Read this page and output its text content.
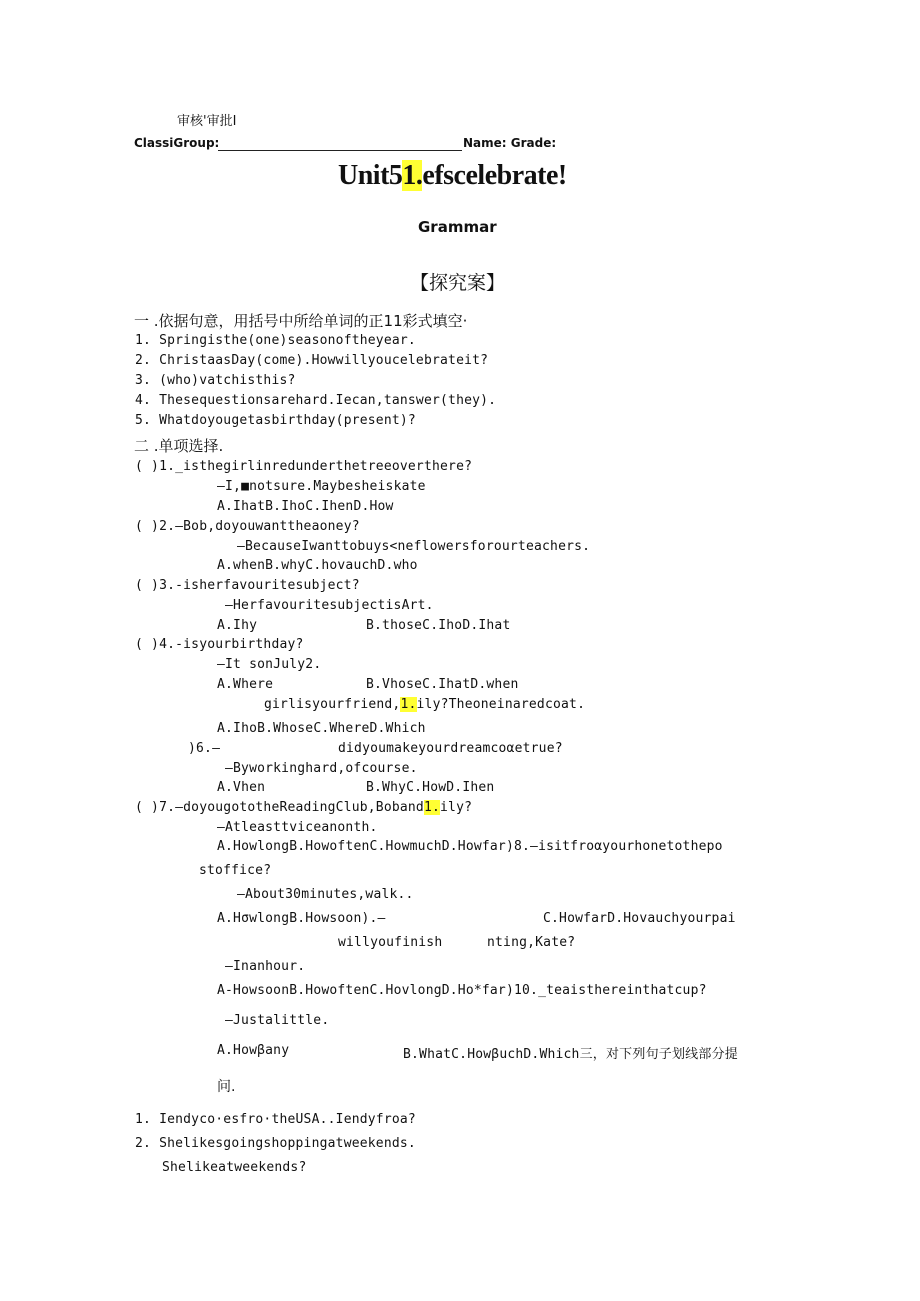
审核'审批I
ClassiGroup:	Name: Grade:
Unit51.efscelebrate!
Grammar
【探究案】
一 .依据句意，用括号中所给单词的正11彩式填空·
1. Springisthe(one)seasonoftheyear.
2. ChristaasDay(come).Howwillyoucelebrateit?
3. (who)vatchisthis?
4. Thesequestionsarehard.Iecan,tanswer(they).
5. Whatdoyougetasbirthday(present)?
二 .单项选择.
( )1._isthegirlinredunderthetreeoverthere?
—I,■notsure.Maybesheiskate
A.IhatB.IhoC.IhenD.How
( )2.—Bob,doyouwanttheaoney?
—BecauseIwanttobuys<neflowersforourteachers.
A.whenB.whyC.hovauchD.who
( )3.-isherfavouritesubject?
—HerfavouritesubjectisArt.
A.Ihy	B.thoseC.IhoD.Ihat
( )4.-isyourbirthday?
—It sonJuly2.
A.Where	B.VhoseC.IhatD.when
girlisyourfriend,1.ily?Theoneinaredcoat.
A.IhoB.WhoseC.WhereD.Which
)6.—	didyoumakeyourdreamcoαetrue?
—Byworkinghard,ofcourse.
A.Vhen	B.WhyC.HowD.Ihen
( )7.—doyougototheReadingClub,Boband1.ily?
—Atleasttviceanonth.
A.HowlongB.HowoftenC.HowmuchD.Howfar)8.—isitfroαyourhonetothepo
stoffice?
—About30minutes,walk..
A.HσwlongB.Howsoon).—	C.HowfarD.Hovauchyourpai
willyoufinish	nting,Kate?
—Inanhour.
A-HowsoonB.HowoftenC.HovlongD.Ho*far)10._teaisthereinthatcup?
—Justalittle.
A.Howβany	B.WhatC.HowβuchD.Which三，对下列句子划线部分提
问.
1. Iendyco·esfro·theUSA..Iendyfroa?
2. Shelikesgoingshoppingatweekends.
Shelikeatweekends?
